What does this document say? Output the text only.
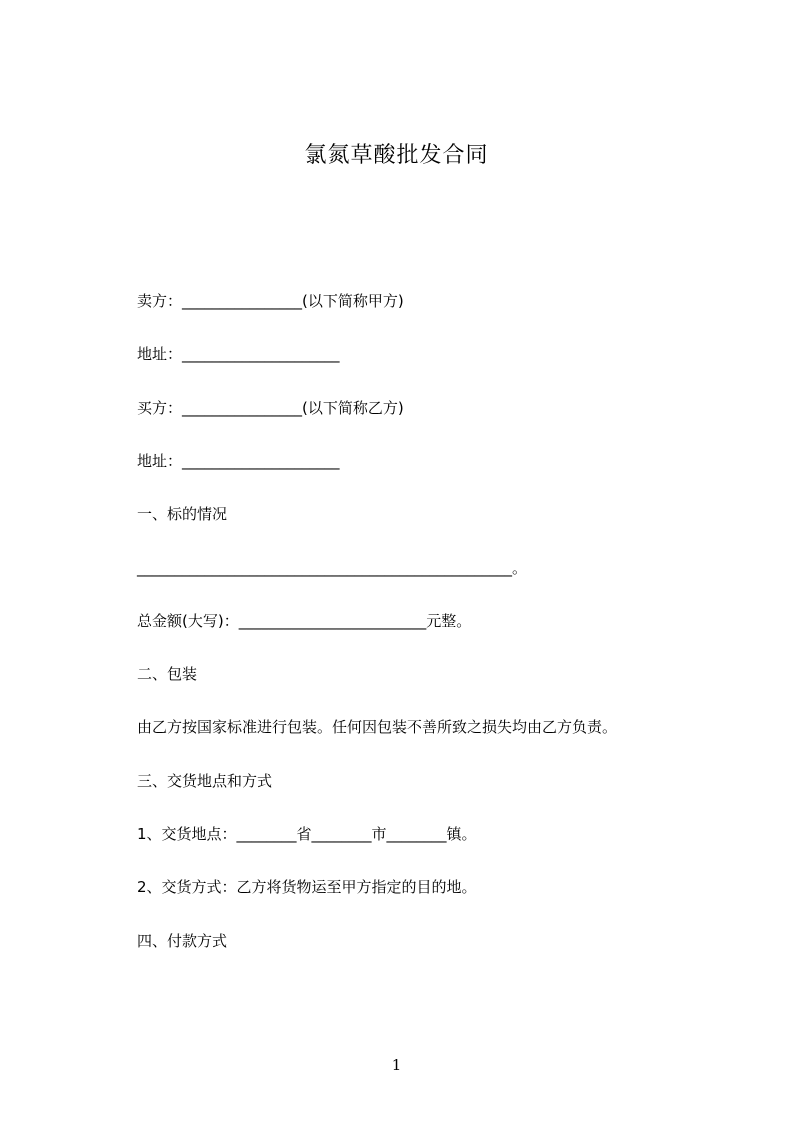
氯氮草酸批发合同
卖方：________________(以下简称甲方)
地址：_____________________
买方：________________(以下简称乙方)
地址：_____________________
一、标的情况
__________________________________________________。
总金额(大写)：_________________________元整。
二、包装
由乙方按国家标准进行包装。任何因包装不善所致之损失均由乙方负责。
三、交货地点和方式
1、交货地点：________省________市________镇。
2、交货方式：乙方将货物运至甲方指定的目的地。
四、付款方式
1
